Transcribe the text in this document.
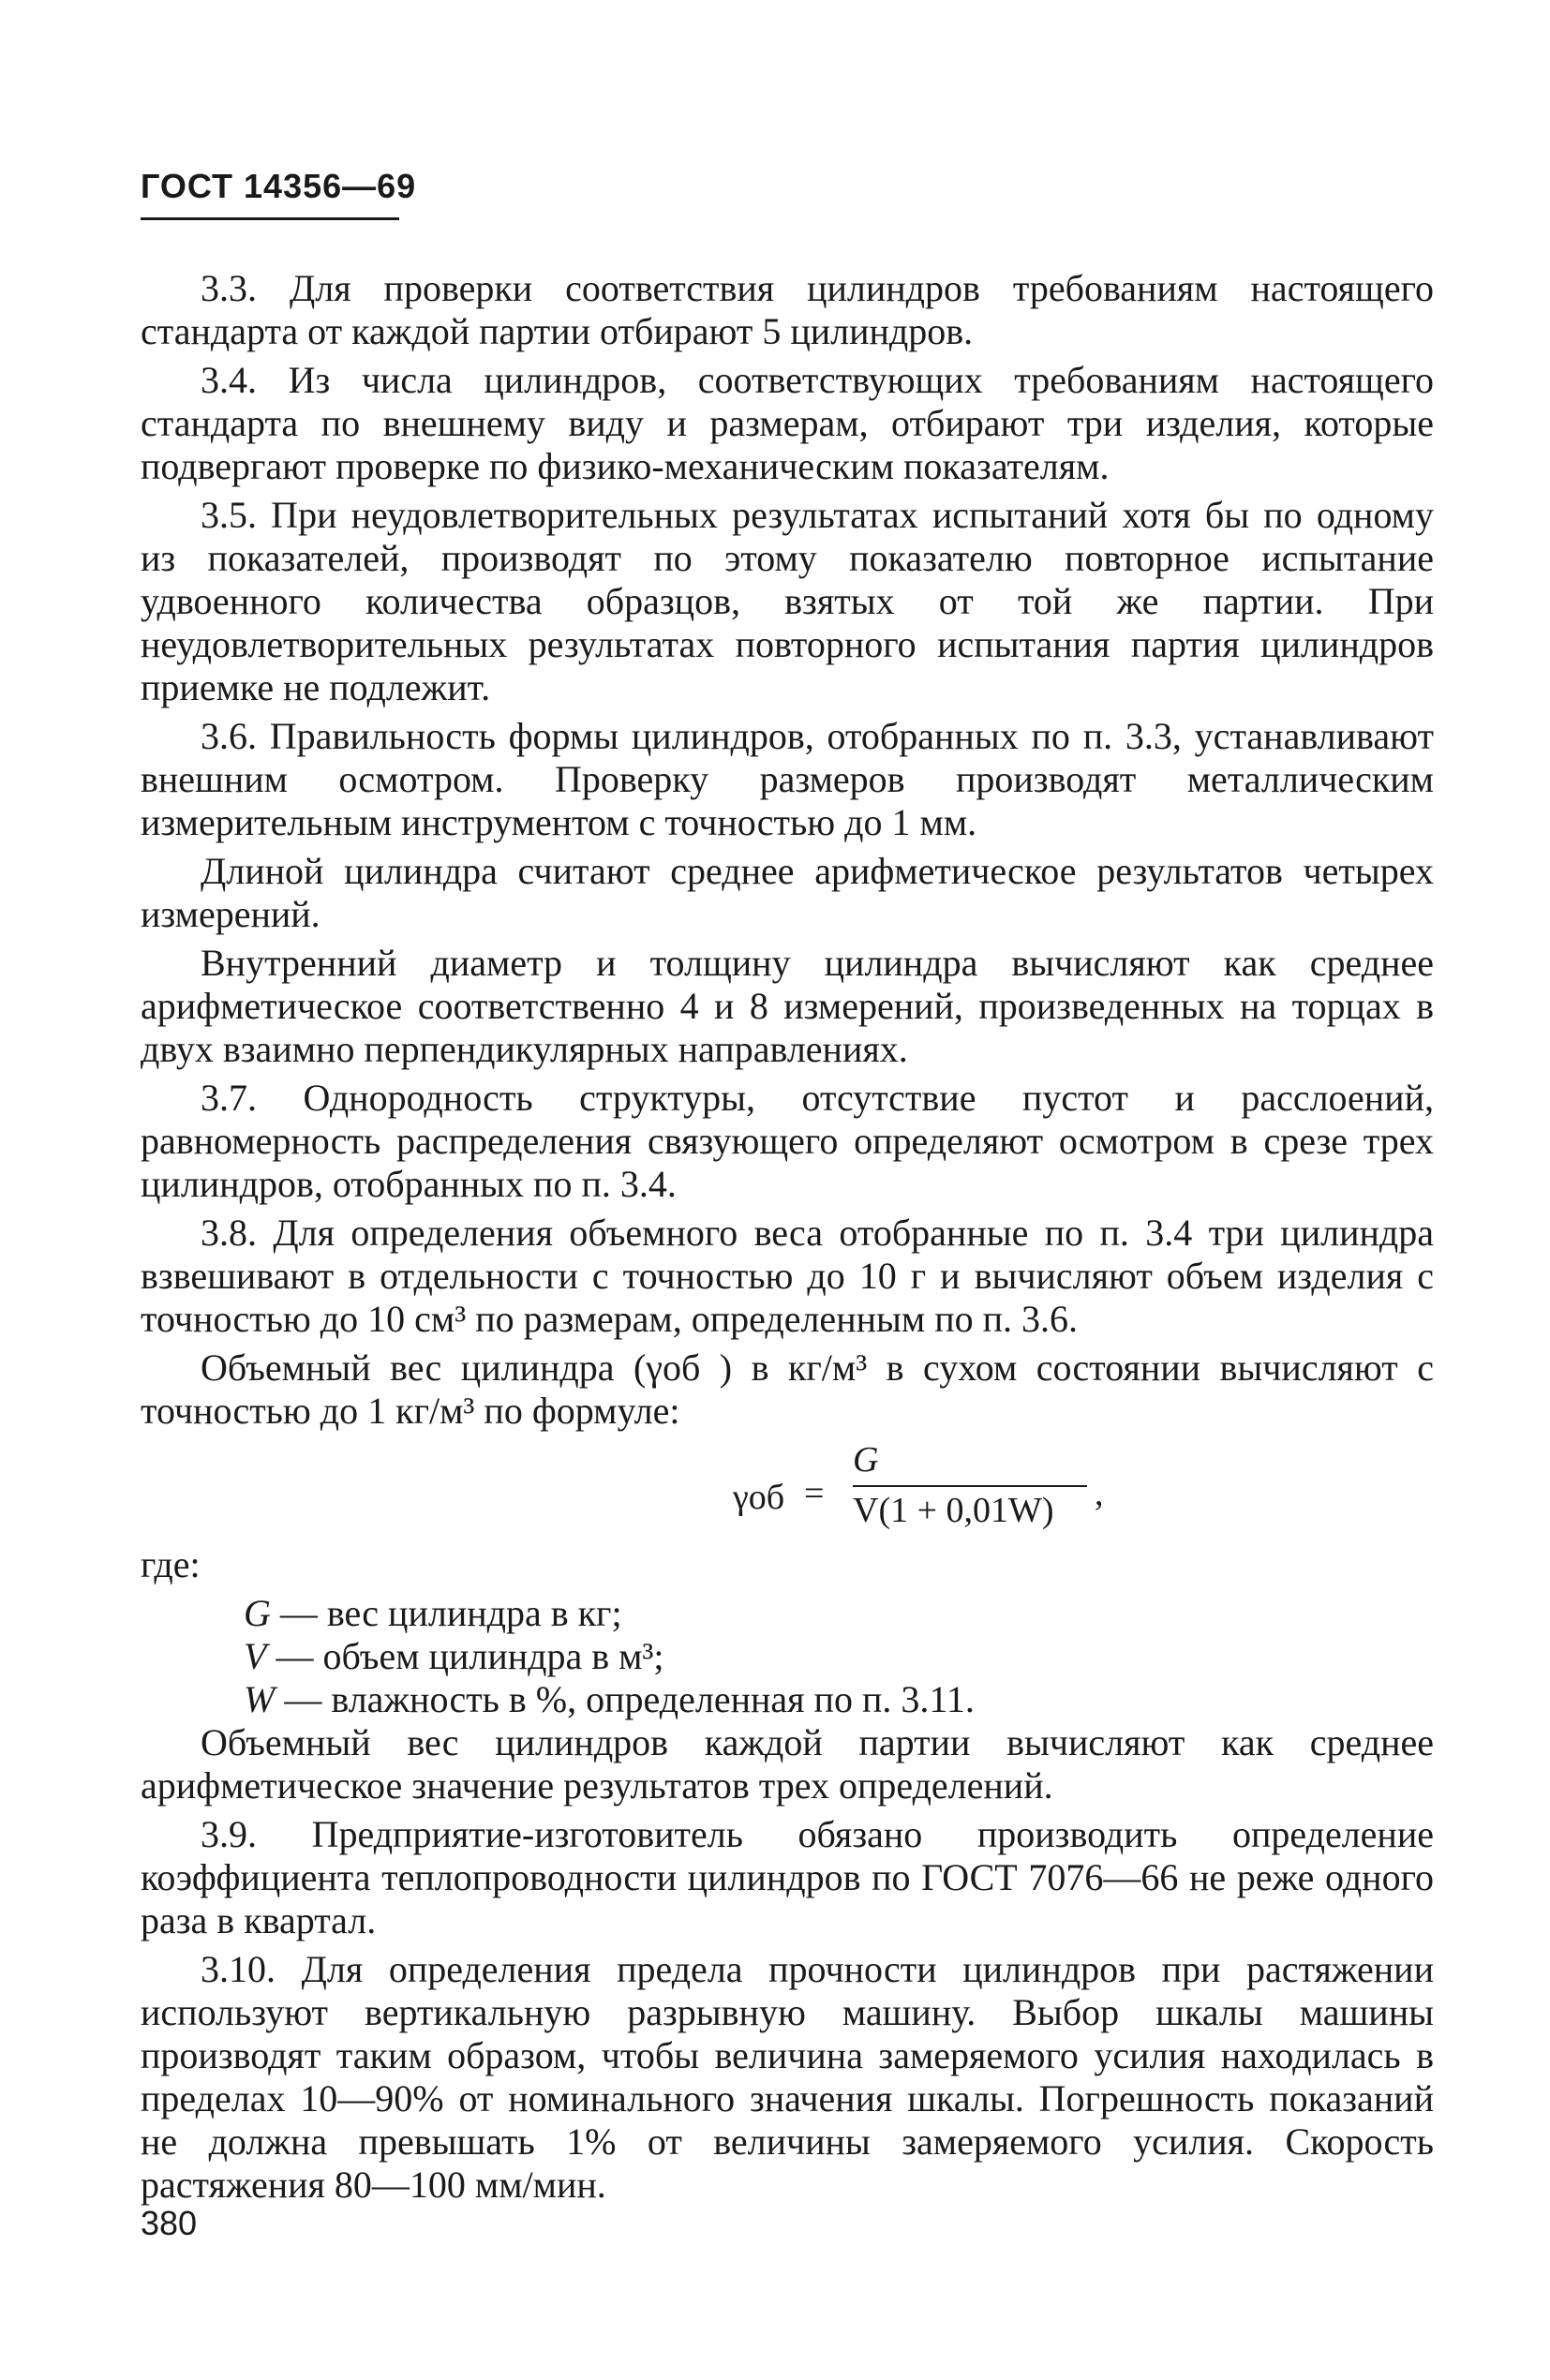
ГОСТ 14356—69

3.3. Для проверки соответствия цилиндров требованиям настоящего стандарта от каждой партии отбирают 5 цилиндров.

3.4. Из числа цилиндров, соответствующих требованиям настоящего стандарта по внешнему виду и размерам, отбирают три изделия, которые подвергают проверке по физико-механическим показателям.

3.5. При неудовлетворительных результатах испытаний хотя бы по одному из показателей, производят по этому показателю повторное испытание удвоенного количества образцов, взятых от той же партии. При неудовлетворительных результатах повторного испытания партия цилиндров приемке не подлежит.

3.6. Правильность формы цилиндров, отобранных по п. 3.3, устанавливают внешним осмотром. Проверку размеров производят металлическим измерительным инструментом с точностью до 1 мм.

Длиной цилиндра считают среднее арифметическое результатов четырех измерений.

Внутренний диаметр и толщину цилиндра вычисляют как среднее арифметическое соответственно 4 и 8 измерений, произведенных на торцах в двух взаимно перпендикулярных направлениях.

3.7. Однородность структуры, отсутствие пустот и расслоений, равномерность распределения связующего определяют осмотром в срезе трех цилиндров, отобранных по п. 3.4.

3.8. Для определения объемного веса отобранные по п. 3.4 три цилиндра взвешивают в отдельности с точностью до 10 г и вычисляют объем изделия с точностью до 10 см³ по размерам, определенным по п. 3.6.

Объемный вес цилиндра (γоб ) в кг/м³ в сухом состоянии вычисляют с точностью до 1 кг/м³ по формуле:

γоб =
G
V(1 + 0,01W)	,

где:

G — вес цилиндра в кг;

V — объем цилиндра в м³;

W — влажность в %, определенная по п. 3.11.

Объемный вес цилиндров каждой партии вычисляют как среднее арифметическое значение результатов трех определений.

3.9. Предприятие-изготовитель обязано производить определение коэффициента теплопроводности цилиндров по ГОСТ 7076—66 не реже одного раза в квартал.

3.10. Для определения предела прочности цилиндров при растяжении используют вертикальную разрывную машину. Выбор шкалы машины производят таким образом, чтобы величина замеряемого усилия находилась в пределах 10—90% от номинального значения шкалы. Погрешность показаний не должна превышать 1% от величины замеряемого усилия. Скорость растяжения 80—100 мм/мин.

380
